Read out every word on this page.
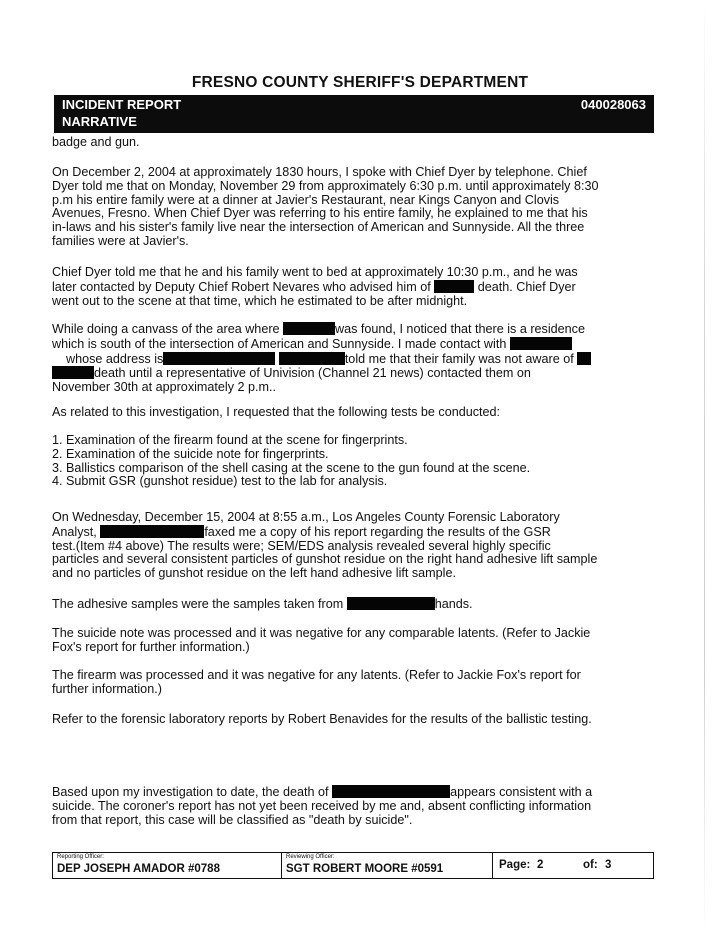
FRESNO COUNTY SHERIFF'S DEPARTMENT
INCIDENT REPORT
NARRATIVE
040028063

badge and gun.

On December 2, 2004 at approximately 1830 hours, I spoke with Chief Dyer by telephone. Chief

Dyer told me that on Monday, November 29 from approximately 6:30 p.m. until approximately 8:30

p.m his entire family were at a dinner at Javier's Restaurant, near Kings Canyon and Clovis

Avenues, Fresno. When Chief Dyer was referring to his entire family, he explained to me that his

in-laws and his sister's family live near the intersection of American and Sunnyside. All the three

families were at Javier's.

Chief Dyer told me that he and his family went to bed at approximately 10:30 p.m., and he was

later contacted by Deputy Chief Robert Nevares who advised him of	death. Chief Dyer

went out to the scene at that time, which he estimated to be after midnight.

While doing a canvass of the area where	was found, I noticed that there is a residence

which is south of the intersection of American and Sunnyside. I made contact with

whose address is	told me that their family was not aware of

death until a representative of Univision (Channel 21 news) contacted them on

November 30th at approximately 2 p.m..

As related to this investigation, I requested that the following tests be conducted:

1. Examination of the firearm found at the scene for fingerprints.

2. Examination of the suicide note for fingerprints.

3. Ballistics comparison of the shell casing at the scene to the gun found at the scene.

4. Submit GSR (gunshot residue) test to the lab for analysis.

On Wednesday, December 15, 2004 at 8:55 a.m., Los Angeles County Forensic Laboratory

Analyst,	faxed me a copy of his report regarding the results of the GSR

test.(Item #4 above) The results were; SEM/EDS analysis revealed several highly specific

particles and several consistent particles of gunshot residue on the right hand adhesive lift sample

and no particles of gunshot residue on the left hand adhesive lift sample.

The adhesive samples were the samples taken from	hands.

The suicide note was processed and it was negative for any comparable latents. (Refer to Jackie

Fox's report for further information.)

The firearm was processed and it was negative for any latents. (Refer to Jackie Fox's report for

further information.)

Refer to the forensic laboratory reports by Robert Benavides for the results of the ballistic testing.

Based upon my investigation to date, the death of	appears consistent with a

suicide. The coroner's report has not yet been received by me and, absent conflicting information

from that report, this case will be classified as "death by suicide".

Reporting Officer:
DEP JOSEPH AMADOR #0788
Reviewing Officer:
SGT ROBERT MOORE #0591	Page: 2	of: 3
